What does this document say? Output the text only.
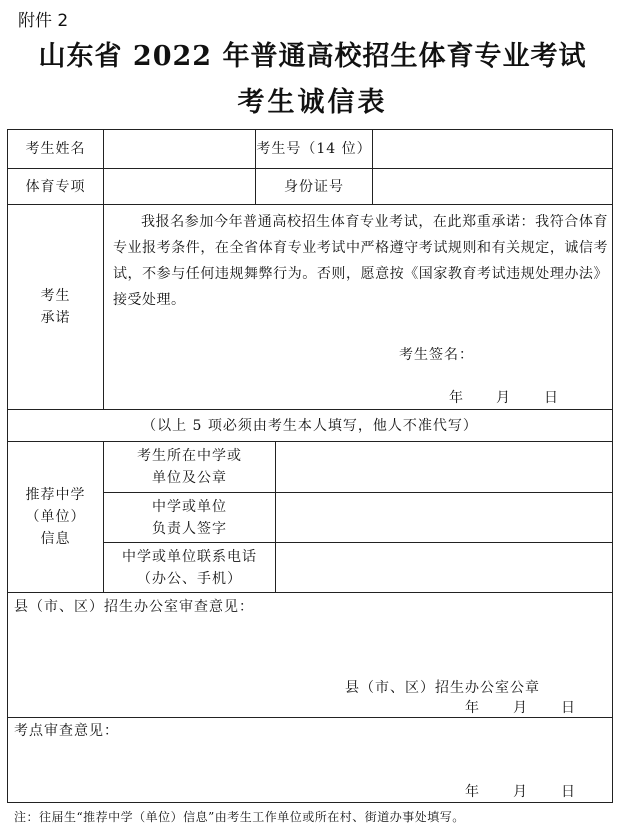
附件 2
山东省 2022 年普通高校招生体育专业考试
考生诚信表
考生姓名	考生号（14 位）
体育专项	身份证号
考生
承诺
我报名参加今年普通高校招生体育专业考试，在此郑重承诺：我符合体育专业报考条件，在全省体育专业考试中严格遵守考试规则和有关规定，诚信考试，不参与任何违规舞弊行为。否则，愿意按《国家教育考试违规处理办法》接受处理。
考生签名：
年 月 日
（以上 5 项必须由考生本人填写，他人不准代写）
推荐中学
（单位）
信息
考生所在中学或
单位及公章
中学或单位
负责人签字
中学或单位联系电话
（办公、手机）
县（市、区）招生办公室审查意见：
县（市、区）招生办公室公章
年 月 日
考点审查意见：
年 月 日
注：往届生“推荐中学（单位）信息”由考生工作单位或所在村、街道办事处填写。
